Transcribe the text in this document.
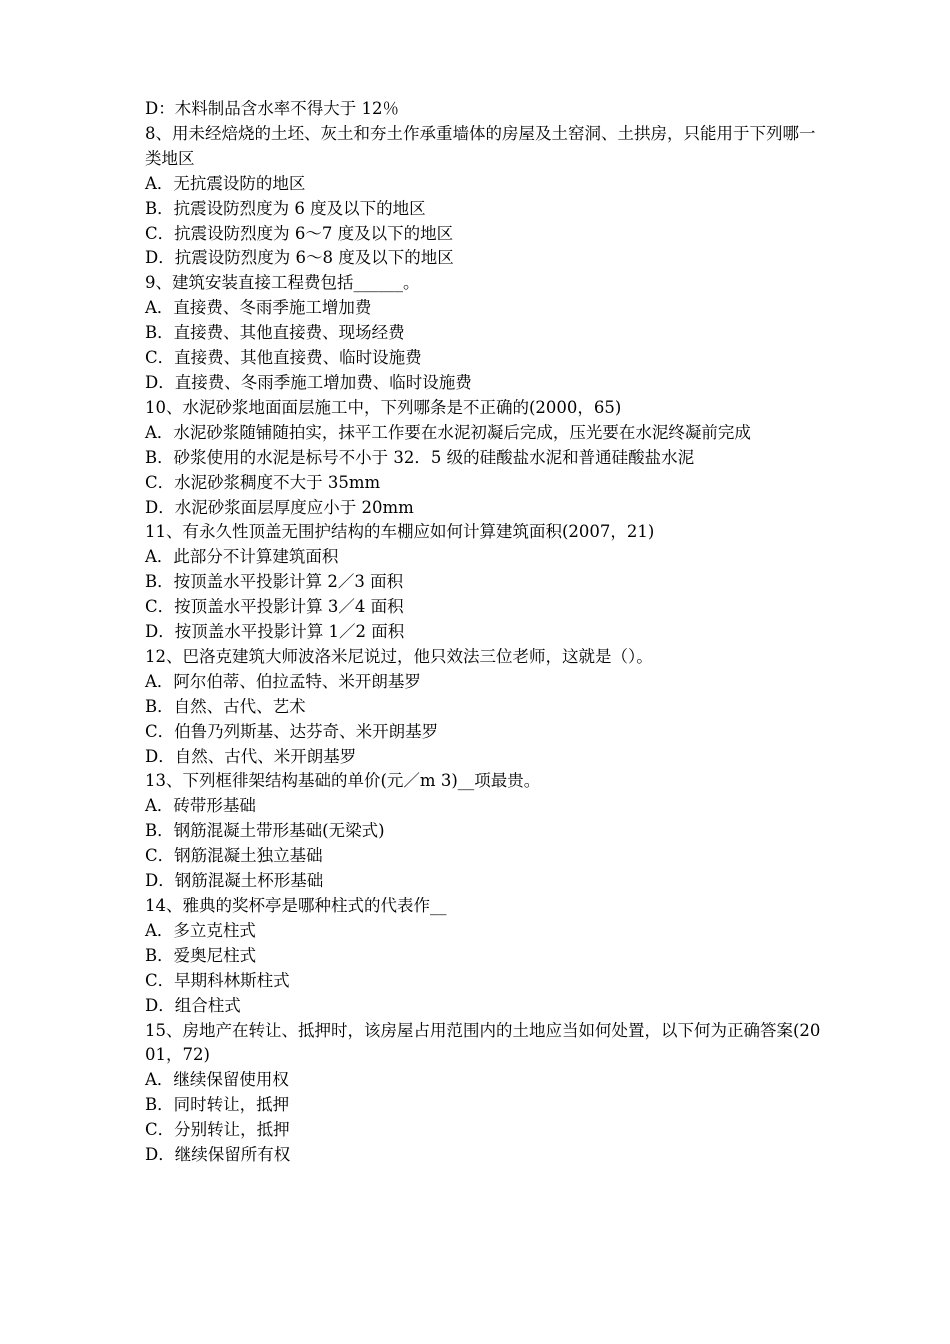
D：木料制品含水率不得大于 12％

8、用未经焙烧的土坯、灰土和夯土作承重墙体的房屋及土窑洞、土拱房，只能用于下列哪一类地区

A．无抗震设防的地区

B．抗震设防烈度为 6 度及以下的地区

C．抗震设防烈度为 6～7 度及以下的地区

D．抗震设防烈度为 6～8 度及以下的地区

9、建筑安装直接工程费包括______。

A．直接费、冬雨季施工增加费

B．直接费、其他直接费、现场经费

C．直接费、其他直接费、临时设施费

D．直接费、冬雨季施工增加费、临时设施费

10、水泥砂浆地面面层施工中，下列哪条是不正确的(2000，65)

A．水泥砂浆随铺随拍实，抹平工作要在水泥初凝后完成，压光要在水泥终凝前完成

B．砂浆使用的水泥是标号不小于 32．5 级的硅酸盐水泥和普通硅酸盐水泥

C．水泥砂浆稠度不大于 35mm

D．水泥砂浆面层厚度应小于 20mm

11、有永久性顶盖无围护结构的车棚应如何计算建筑面积(2007，21)

A．此部分不计算建筑面积

B．按顶盖水平投影计算 2／3 面积

C．按顶盖水平投影计算 3／4 面积

D．按顶盖水平投影计算 1／2 面积

12、巴洛克建筑大师波洛米尼说过，他只效法三位老师，这就是（）。

A．阿尔伯蒂、伯拉孟特、米开朗基罗

B．自然、古代、艺术

C．伯鲁乃列斯基、达芬奇、米开朗基罗

D．自然、古代、米开朗基罗

13、下列框徘架结构基础的单价(元／m 3)__项最贵。

A．砖带形基础

B．钢筋混凝土带形基础(无梁式)

C．钢筋混凝土独立基础

D．钢筋混凝土杯形基础

14、雅典的奖杯亭是哪种柱式的代表作__

A．多立克柱式

B．爱奥尼柱式

C．早期科林斯柱式

D．组合柱式

15、房地产在转让、抵押时，该房屋占用范围内的土地应当如何处置，以下何为正确答案(2001，72)

A．继续保留使用权

B．同时转让，抵押

C．分别转让，抵押

D．继续保留所有权
